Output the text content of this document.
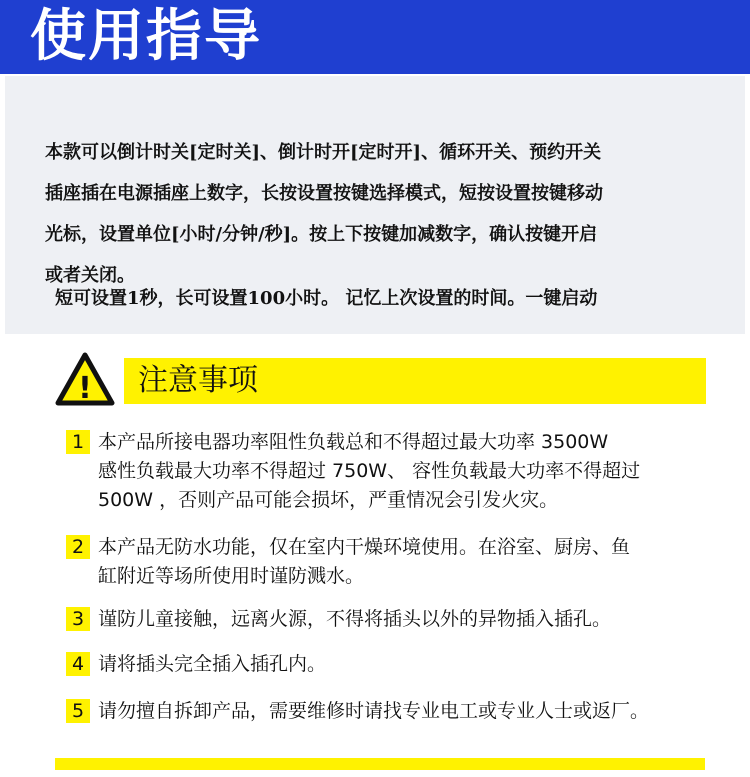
使用指导
本款可以倒计时关[定时关]、倒计时开[定时开]、循环开关、预约开关
插座插在电源插座上数字，长按设置按键选择模式，短按设置按键移动
光标，设置单位[小时/分钟/秒]。按上下按键加减数字，确认按键开启
或者关闭。
短可设置1秒，长可设置100小时。 记忆上次设置的时间。一键启动
! 注意事项
1 本产品所接电器功率阻性负载总和不得超过最大功率 3500W
感性负载最大功率不得超过 750W、 容性负载最大功率不得超过
500W ，否则产品可能会损坏，严重情况会引发火灾。
2 本产品无防水功能，仅在室内干燥环境使用。在浴室、厨房、鱼
缸附近等场所使用时谨防溅水。
3 谨防儿童接触，远离火源，不得将插头以外的异物插入插孔。
4 请将插头完全插入插孔内。
5 请勿擅自拆卸产品，需要维修时请找专业电工或专业人士或返厂。
